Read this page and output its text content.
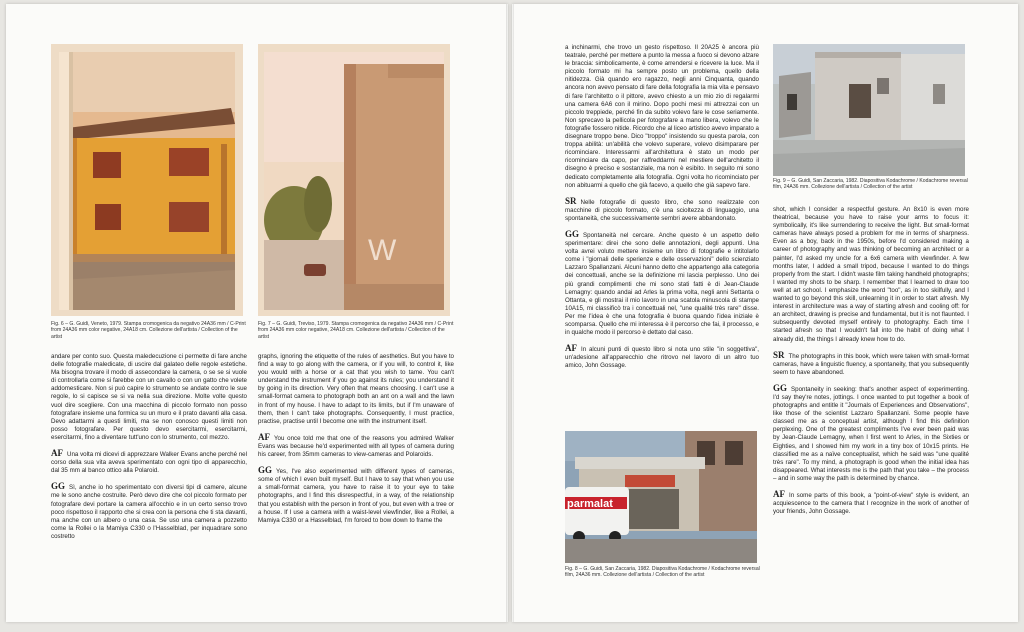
W
parmalat
Fig. 6 – G. Guidi, Veneto, 1979. Stampa cromogenica da negativo 24A36 mm / C-Print from 24A36 mm color negative, 24A18 cm. Collezione dell'artista / Collection of the artist
Fig. 7 – G. Guidi, Treviso, 1979. Stampa cromogenica da negativo 24A36 mm / C-Print from 24A36 mm color negative, 24A18 cm. Collezione dell'artista / Collection of the artist
Fig. 8 – G. Guidi, San Zaccaria, 1982. Diapositiva Kodachrome / Kodachrome reversal film, 24A36 mm. Collezione dell'artista / Collection of the artist
Fig. 9 – G. Guidi, San Zaccaria, 1982. Diapositiva Kodachrome / Kodachrome reversal film, 24A36 mm. Collezione dell'artista / Collection of the artist

andare per conto suo. Questa maledecuzione ci permette di fare anche delle fotografie maledicate, di uscire dal galateo delle regole estetiche. Ma bisogna trovare il modo di assecondare la camera, o se se si vuole di controllarla come si farebbe con un cavallo o con un gatto che volete addomesticare. Non si può capire lo strumento se andate contro le sue regole, lo si capisce se si va nella sua direzione. Molte volte questo vuol dire scegliere. Con una macchina di piccolo formato non posso fotografare insieme una formica su un muro e il prato davanti alla casa. Devo adattarmi a questi limiti, ma se non conosco questi limiti non posso fotografare. Per questo devo esercitarmi, esercitarmi, esercitarmi, fino a diventare tutt'uno con lo strumento, col mezzo.

AF Una volta mi dicevi di apprezzare Walker Evans anche perché nel corso della sua vita aveva sperimentato con ogni tipo di apparecchio, dal 35 mm al banco ottico alla Polaroid.

GG Sì, anche io ho sperimentato con diversi tipi di camere, alcune me le sono anche costruite. Però devo dire che col piccolo formato per fotografare devi portare la camera all'occhio e in un certo senso trovo poco rispettoso il rapporto che si crea con la persona che ti sta davanti, ma anche con un albero o una casa. Se uso una camera a pozzetto come la Rollei o la Mamiya C330 o l'Hasselblad, per inquadrare sono costretto

graphs, ignoring the etiquette of the rules of aesthetics. But you have to find a way to go along with the camera, or if you will, to control it, like you would with a horse or a cat that you wish to tame. You can't understand the instrument if you go against its rules; you understand it by going in its direction. Very often that means choosing. I can't use a small-format camera to photograph both an ant on a wall and the lawn in front of my house. I have to adapt to its limits, but if I'm unaware of them, then I can't take photographs. Consequently, I must practice, practise, practise until I become one with the instrument itself.

AF You once told me that one of the reasons you admired Walker Evans was because he'd experimented with all types of camera during his career, from 35mm cameras to view-cameras and Polaroids.

GG Yes, I've also experimented with different types of cameras, some of which I even built myself. But I have to say that when you use a small-format camera, you have to raise it to your eye to take photographs, and I find this disrespectful, in a way, of the relationship that you establish with the person in front of you, but even with a tree or a house. If I use a camera with a waist-level viewfinder, like a Rollei, a Mamiya C330 or a Hasselblad, I'm forced to bow down to frame the

a inchinarmi, che trovo un gesto rispettoso. Il 20A25 è ancora più teatrale, perché per mettere a punto la messa a fuoco si devono alzare le braccia: simbolicamente, è come arrendersi e ricevere la luce. Ma il piccolo formato mi ha sempre posto un problema, quello della nitidezza. Già quando ero ragazzo, negli anni Cinquanta, quando ancora non avevo pensato di fare della fotografia la mia vita e pensavo di fare l'architetto o il pittore, avevo chiesto a un mio zio di regalarmi una camera 6A6 con il mirino. Dopo pochi mesi mi attrezzai con un piccolo treppiede, perché fin da subito volevo fare le cose seriamente. Non sprecavo la pellicola per fotografare a mano libera, volevo che le fotografie fossero nitide. Ricordo che al liceo artistico avevo imparato a disegnare troppo bene. Dico "troppo" insistendo su questa parola, con troppa abilità: un'abilità che volevo superare, volevo disimparare per ricominciare. Interessarmi all'architettura è stato un modo per ricominciare da capo, per raffreddarmi nel mestiere dell'architetto il disegno è preciso e sostanziale, ma non è esibito. In seguito mi sono dedicato completamente alla fotografia. Ogni volta ho ricominciato per non abituarmi a quello che già facevo, a quello che già sapevo fare.

SR Nelle fotografie di questo libro, che sono realizzate con macchine di piccolo formato, c'è una scioltezza di linguaggio, una spontaneità, che successivamente sembri avere abbandonato.

GG Spontaneità nel cercare. Anche questo è un aspetto dello sperimentare: direi che sono delle annotazioni, degli appunti. Una volta avrei voluto mettere insieme un libro di fotografie e intitolarlo come i "giornali delle sperienze e delle osservazioni" dello scienziato Lazzaro Spallanzani. Alcuni hanno detto che appartengo alla categoria dei concettuali, anche se la definizione mi lascia perplesso. Uno dei più grandi complimenti che mi sono stati fatti è di Jean-Claude Lemagny: quando andai ad Arles la prima volta, negli anni Settanta o Ottanta, e gli mostrai il mio lavoro in una scatola minuscola di stampe 10A15, mi classificò tra i concettuali nel, "une qualité très rare" disse. Per me l'idea è che una fotografia è buona quando l'idea iniziale è scomparsa. Quello che mi interessa è il percorso che fai, il processo, e in qualche modo il percorso è dettato dal caso.

AF In alcuni punti di questo libro si nota uno stile "in soggettiva", un'adesione all'apparecchio che ritrovo nel lavoro di un altro tuo amico, John Gossage.

shot, which I consider a respectful gesture. An 8x10 is even more theatrical, because you have to raise your arms to focus it: symbolically, it's like surrendering to receive the light. But small-format cameras have always posed a problem for me in terms of sharpness. Even as a boy, back in the 1950s, before I'd considered making a career of photography and was thinking of becoming an architect or a painter, I'd asked my uncle for a 6x6 camera with viewfinder. A few months later, I added a small tripod, because I wanted to do things properly from the start. I didn't waste film taking handheld photographs; I wanted my shots to be sharp. I remember that I learned to draw too well at art school. I emphasize the word "too", as in too skilfully, and I wanted to go beyond this skill, unlearning it in order to start afresh. My interest in architecture was a way of starting afresh and cooling off: for an architect, drawing is precise and fundamental, but it is not flaunted. I subsequently devoted myself entirely to photography. Each time I started afresh so that I wouldn't fall into the habit of doing what I already did, the things I already knew how to do.

SR The photographs in this book, which were taken with small-format cameras, have a linguistic fluency, a spontaneity, that you subsequently seem to have abandoned.

GG Spontaneity in seeking: that's another aspect of experimenting. I'd say they're notes, jottings. I once wanted to put together a book of photographs and entitle it "Journals of Experiences and Observations", like those of the scientist Lazzaro Spallanzani. Some people have classed me as a conceptual artist, although I find this definition perplexing. One of the greatest compliments I've ever been paid was by Jean-Claude Lemagny, when I first went to Arles, in the Sixties or Eighties, and I showed him my work in a tiny box of 10x15 prints. He classified me as a naïve conceptualist, which he said was "une qualité très rare". To my mind, a photograph is good when the initial idea has disappeared. What interests me is the path that you take – the process – and in some way the path is determined by chance.

AF In some parts of this book, a "point-of-view" style is evident, an acquiescence to the camera that I recognize in the work of another of your friends, John Gossage.
